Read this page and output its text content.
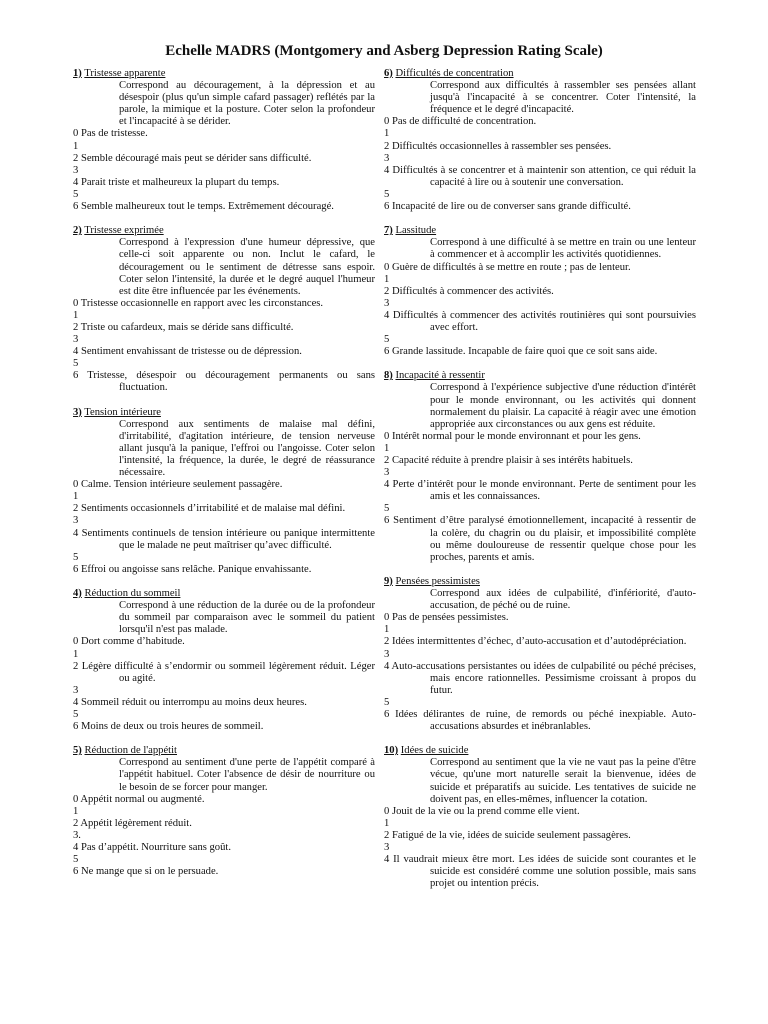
Echelle MADRS (Montgomery and Asberg Depression Rating Scale)

1) Tristesse apparente

Correspond au découragement, à la dépression et au désespoir (plus qu'un simple cafard passager) reflétés par la parole, la mimique et la posture. Coter selon la profondeur et l'incapacité à se dérider.

0 Pas de tristesse.

1

2 Semble découragé mais peut se dérider sans difficulté.

3

4 Parait triste et malheureux la plupart du temps.

5

6 Semble malheureux tout le temps. Extrêmement découragé.

2) Tristesse exprimée

Correspond à l'expression d'une humeur dépressive, que celle-ci soit apparente ou non. Inclut le cafard, le découragement ou le sentiment de détresse sans espoir. Coter selon l'intensité, la durée et le degré auquel l'humeur est dite être influencée par les événements.

0 Tristesse occasionnelle en rapport avec les circonstances.

1

2 Triste ou cafardeux, mais se déride sans difficulté.

3

4 Sentiment envahissant de tristesse ou de dépression.

5

6 Tristesse, désespoir ou découragement permanents ou sans fluctuation.

3) Tension intérieure

Correspond aux sentiments de malaise mal défini, d'irritabilité, d'agitation intérieure, de tension nerveuse allant jusqu'à la panique, l'effroi ou l'angoisse. Coter selon l'intensité, la fréquence, la durée, le degré de réassurance nécessaire.

0 Calme. Tension intérieure seulement passagère.

1

2 Sentiments occasionnels d’irritabilité et de malaise mal défini.

3

4 Sentiments continuels de tension intérieure ou panique intermittente que le malade ne peut maîtriser qu’avec difficulté.

5

6 Effroi ou angoisse sans relâche. Panique envahissante.

4) Réduction du sommeil

Correspond à une réduction de la durée ou de la profondeur du sommeil par comparaison avec le sommeil du patient lorsqu'il n'est pas malade.

0 Dort comme d’habitude.

1

2 Légère difficulté à s’endormir ou sommeil légèrement réduit. Léger ou agité.

3

4 Sommeil réduit ou interrompu au moins deux heures.

5

6 Moins de deux ou trois heures de sommeil.

5) Réduction de l'appétit

Correspond au sentiment d'une perte de l'appétit comparé à l'appétit habituel. Coter l'absence de désir de nourriture ou le besoin de se forcer pour manger.

0 Appétit normal ou augmenté.

1

2 Appétit légèrement réduit.

3.

4 Pas d’appétit. Nourriture sans goût.

5

6 Ne mange que si on le persuade.

6) Difficultés de concentration

Correspond aux difficultés à rassembler ses pensées allant jusqu'à l'incapacité à se concentrer. Coter l'intensité, la fréquence et le degré d'incapacité.

0 Pas de difficulté de concentration.

1

2 Difficultés occasionnelles à rassembler ses pensées.

3

4 Difficultés à se concentrer et à maintenir son attention, ce qui réduit la capacité à lire ou à soutenir une conversation.

5

6 Incapacité de lire ou de converser sans grande difficulté.

7) Lassitude

Correspond à une difficulté à se mettre en train ou une lenteur à commencer et à accomplir les activités quotidiennes.

0 Guère de difficultés à se mettre en route ; pas de lenteur.

1

2 Difficultés à commencer des activités.

3

4 Difficultés à commencer des activités routinières qui sont poursuivies avec effort.

5

6 Grande lassitude. Incapable de faire quoi que ce soit sans aide.

8) Incapacité à ressentir

Correspond à l'expérience subjective d'une réduction d'intérêt pour le monde environnant, ou les activités qui donnent normalement du plaisir. La capacité à réagir avec une émotion appropriée aux circonstances ou aux gens est réduite.

0 Intérêt normal pour le monde environnant et pour les gens.

1

2 Capacité réduite à prendre plaisir à ses intérêts habituels.

3

4 Perte d’intérêt pour le monde environnant. Perte de sentiment pour les amis et les connaissances.

5

6 Sentiment d’être paralysé émotionnellement, incapacité à ressentir de la colère, du chagrin ou du plaisir, et impossibilité complète ou même douloureuse de ressentir quelque chose pour les proches, parents et amis.

9) Pensées pessimistes

Correspond aux idées de culpabilité, d'infériorité, d'auto-accusation, de péché ou de ruine.

0 Pas de pensées pessimistes.

1

2 Idées intermittentes d’échec, d’auto-accusation et d’autodépréciation.

3

4 Auto-accusations persistantes ou idées de culpabilité ou péché précises, mais encore rationnelles. Pessimisme croissant à propos du futur.

5

6 Idées délirantes de ruine, de remords ou péché inexpiable. Auto-accusations absurdes et inébranlables.

10) Idées de suicide

Correspond au sentiment que la vie ne vaut pas la peine d'être vécue, qu'une mort naturelle serait la bienvenue, idées de suicide et préparatifs au suicide. Les tentatives de suicide ne doivent pas, en elles-mêmes, influencer la cotation.

0 Jouit de la vie ou la prend comme elle vient.

1

2 Fatigué de la vie, idées de suicide seulement passagères.

3

4 Il vaudrait mieux être mort. Les idées de suicide sont courantes et le suicide est considéré comme une solution possible, mais sans projet ou intention précis.
